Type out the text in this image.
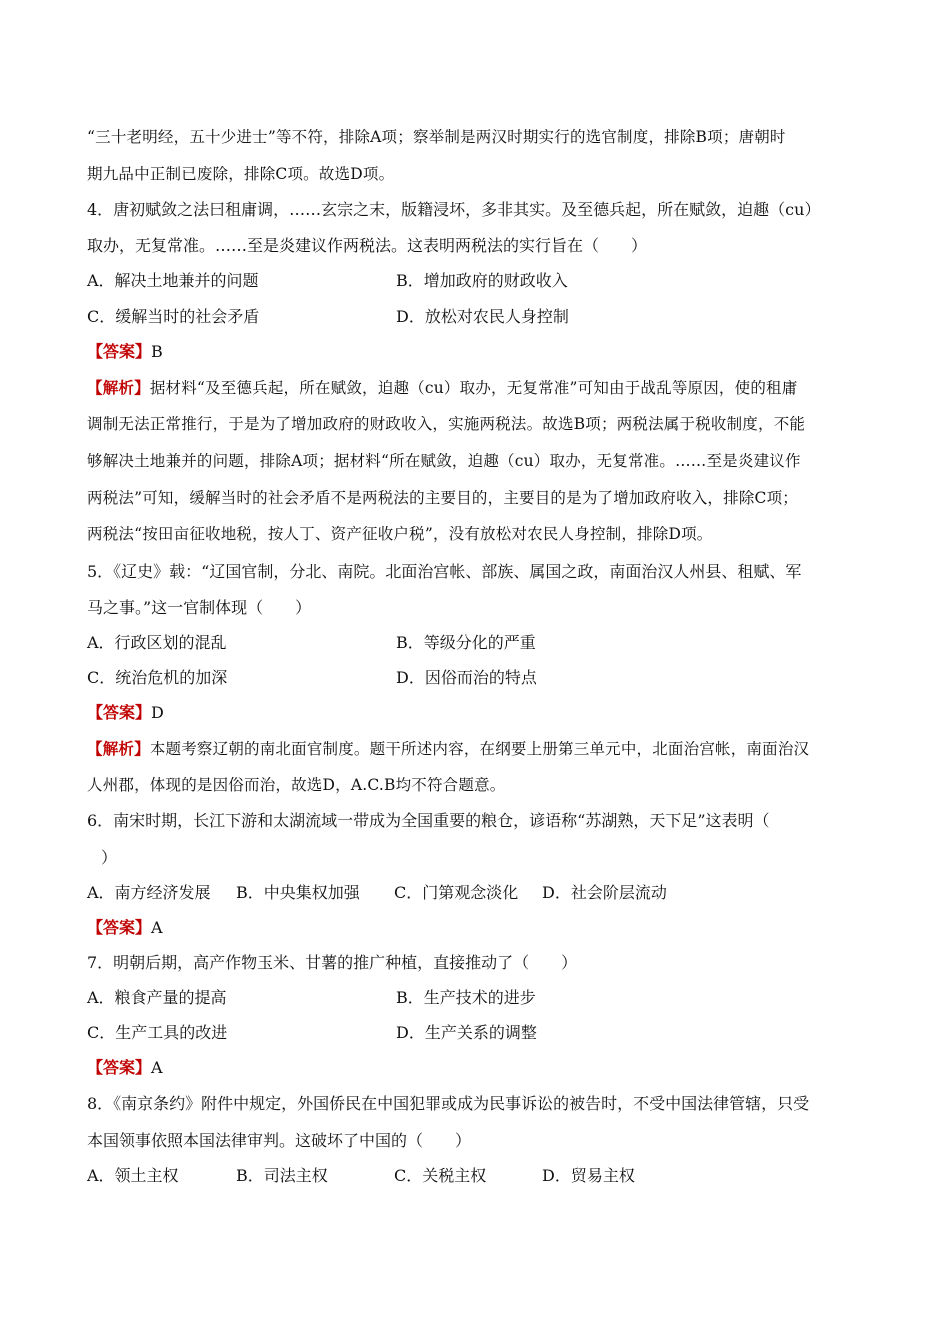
“三十老明经，五十少进士”等不符，排除A项；察举制是两汉时期实行的选官制度，排除B项；唐朝时
期九品中正制已废除，排除C项。故选D项。
4．唐初赋敛之法曰租庸调，……玄宗之末，版籍浸坏，多非其实。及至德兵起，所在赋敛，迫趣（cu）
取办，无复常准。……至是炎建议作两税法。这表明两税法的实行旨在（　　）
A．解决土地兼并的问题	B．增加政府的财政收入
C．缓解当时的社会矛盾	D．放松对农民人身控制
【答案】B
【解析】据材料“及至德兵起，所在赋敛，迫趣（cu）取办，无复常准”可知由于战乱等原因，使的租庸
调制无法正常推行，于是为了增加政府的财政收入，实施两税法。故选B项；两税法属于税收制度，不能
够解决土地兼并的问题，排除A项；据材料“所在赋敛，迫趣（cu）取办，无复常准。……至是炎建议作
两税法”可知，缓解当时的社会矛盾不是两税法的主要目的，主要目的是为了增加政府收入，排除C项；
两税法“按田亩征收地税，按人丁、资产征收户税”，没有放松对农民人身控制，排除D项。
5．《辽史》载：“辽国官制，分北、南院。北面治宫帐、部族、属国之政，南面治汉人州县、租赋、军
马之事。”这一官制体现（　　）
A．行政区划的混乱	B．等级分化的严重
C．统治危机的加深	D．因俗而治的特点
【答案】D
【解析】本题考察辽朝的南北面官制度。题干所述内容，在纲要上册第三单元中，北面治宫帐，南面治汉
人州郡，体现的是因俗而治，故选D，A.C.B均不符合题意。
6．南宋时期，长江下游和太湖流域一带成为全国重要的粮仓，谚语称“苏湖熟，天下足”这表明（
）
A．南方经济发展 B．中央集权加强 C．门第观念淡化 D．社会阶层流动
【答案】A
7．明朝后期，高产作物玉米、甘薯的推广种植，直接推动了（　　）
A．粮食产量的提高	B．生产技术的进步
C．生产工具的改进	D．生产关系的调整
【答案】A
8．《南京条约》附件中规定，外国侨民在中国犯罪或成为民事诉讼的被告时，不受中国法律管辖，只受
本国领事依照本国法律审判。这破坏了中国的（　　）
A．领土主权	B．司法主权	C．关税主权	D．贸易主权
